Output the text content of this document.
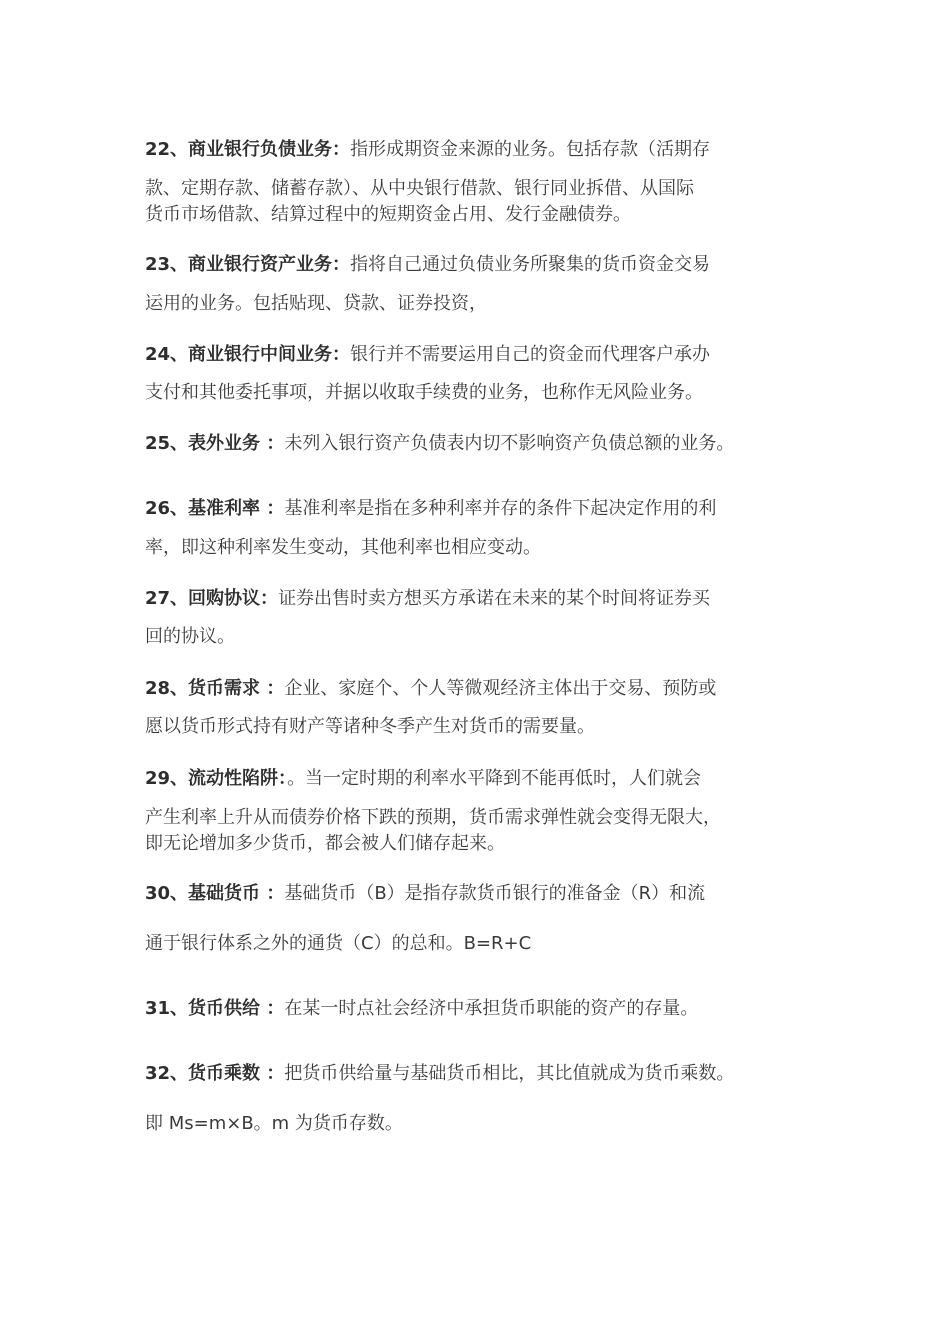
22、商业银行负债业务：指形成期资金来源的业务。包括存款（活期存
款、定期存款、储蓄存款）、从中央银行借款、银行同业拆借、从国际
货币市场借款、结算过程中的短期资金占用、发行金融债券。
23、商业银行资产业务：指将自己通过负债业务所聚集的货币资金交易
运用的业务。包括贴现、贷款、证券投资，
24、商业银行中间业务：银行并不需要运用自己的资金而代理客户承办
支付和其他委托事项，并据以收取手续费的业务，也称作无风险业务。
25、表外业务 ：未列入银行资产负债表内切不影响资产负债总额的业务。
26、基准利率 ：基准利率是指在多种利率并存的条件下起决定作用的利
率，即这种利率发生变动，其他利率也相应变动。
27、回购协议：证券出售时卖方想买方承诺在未来的某个时间将证券买
回的协议。
28、货币需求 ：企业、家庭个、个人等微观经济主体出于交易、预防或
愿以货币形式持有财产等诸种冬季产生对货币的需要量。
29、流动性陷阱：。当一定时期的利率水平降到不能再低时，人们就会
产生利率上升从而债券价格下跌的预期，货币需求弹性就会变得无限大，
即无论增加多少货币，都会被人们储存起来。
30、基础货币 ：基础货币（B）是指存款货币银行的准备金（R）和流
通于银行体系之外的通货（C）的总和。B=R+C
31、货币供给 ：在某一时点社会经济中承担货币职能的资产的存量。
32、货币乘数 ：把货币供给量与基础货币相比，其比值就成为货币乘数。
即 Ms=m×B。m 为货币存数。
